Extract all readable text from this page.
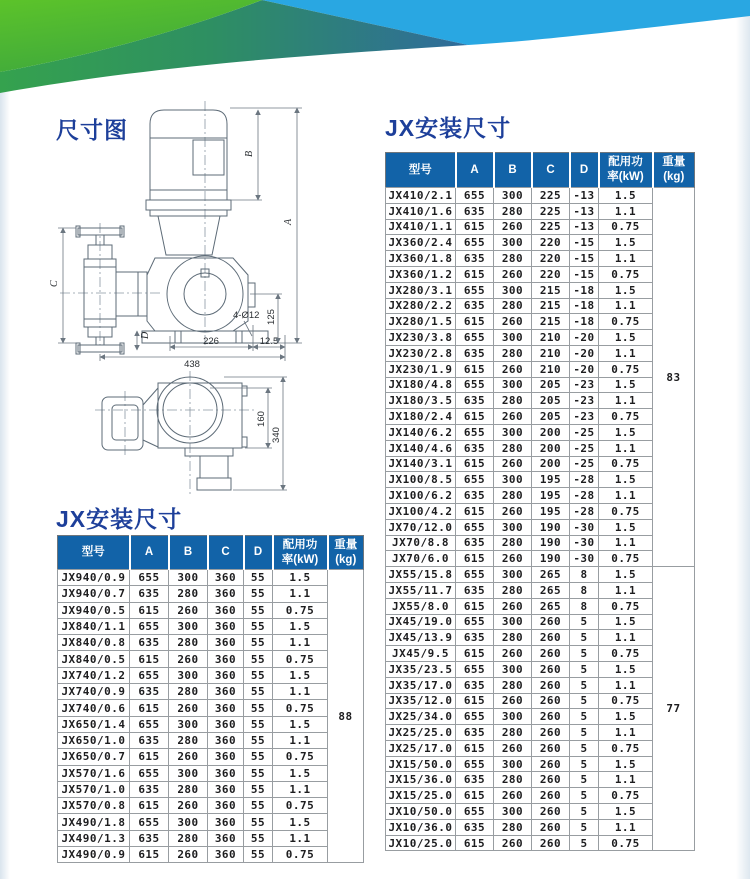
尺寸图	JX安装尺寸
JX安装尺寸
A
B
C
D
226	12.5
438
4-Ø12 125
160
340
型号	A	B	C	D	配用功
率(kW)	重量
(kg)
JX410/2.1	655	300	225	-13	1.5	83
JX410/1.6	635	280	225	-13	1.1	
JX410/1.1	615	260	225	-13	0.75	
JX360/2.4	655	300	220	-15	1.5	
JX360/1.8	635	280	220	-15	1.1	
JX360/1.2	615	260	220	-15	0.75	
JX280/3.1	655	300	215	-18	1.5	
JX280/2.2	635	280	215	-18	1.1	
JX280/1.5	615	260	215	-18	0.75	
JX230/3.8	655	300	210	-20	1.5	
JX230/2.8	635	280	210	-20	1.1	
JX230/1.9	615	260	210	-20	0.75	
JX180/4.8	655	300	205	-23	1.5	
JX180/3.5	635	280	205	-23	1.1	
JX180/2.4	615	260	205	-23	0.75	
JX140/6.2	655	300	200	-25	1.5	
JX140/4.6	635	280	200	-25	1.1	
JX140/3.1	615	260	200	-25	0.75	
JX100/8.5	655	300	195	-28	1.5	
JX100/6.2	635	280	195	-28	1.1	
JX100/4.2	615	260	195	-28	0.75	
JX70/12.0	655	300	190	-30	1.5	
JX70/8.8	635	280	190	-30	1.1	
JX70/6.0	615	260	190	-30	0.75	
JX55/15.8	655	300	265	8	1.5	77
JX55/11.7	635	280	265	8	1.1	
JX55/8.0	615	260	265	8	0.75	
JX45/19.0	655	300	260	5	1.5	
JX45/13.9	635	280	260	5	1.1	
JX45/9.5	615	260	260	5	0.75	
JX35/23.5	655	300	260	5	1.5	
JX35/17.0	635	280	260	5	1.1	
JX35/12.0	615	260	260	5	0.75	
JX25/34.0	655	300	260	5	1.5	
JX25/25.0	635	280	260	5	1.1	
JX25/17.0	615	260	260	5	0.75	
JX15/50.0	655	300	260	5	1.5	
JX15/36.0	635	280	260	5	1.1	
JX15/25.0	615	260	260	5	0.75	
JX10/50.0	655	300	260	5	1.5	
JX10/36.0	635	280	260	5	1.1	
JX10/25.0	615	260	260	5	0.75	
型号	A	B	C	D	配用功
率(kW)	重量
(kg)
JX940/0.9	655	300	360	55	1.5	88
JX940/0.7	635	280	360	55	1.1	
JX940/0.5	615	260	360	55	0.75	
JX840/1.1	655	300	360	55	1.5	
JX840/0.8	635	280	360	55	1.1	
JX840/0.5	615	260	360	55	0.75	
JX740/1.2	655	300	360	55	1.5	
JX740/0.9	635	280	360	55	1.1	
JX740/0.6	615	260	360	55	0.75	
JX650/1.4	655	300	360	55	1.5	
JX650/1.0	635	280	360	55	1.1	
JX650/0.7	615	260	360	55	0.75	
JX570/1.6	655	300	360	55	1.5	
JX570/1.0	635	280	360	55	1.1	
JX570/0.8	615	260	360	55	0.75	
JX490/1.8	655	300	360	55	1.5	
JX490/1.3	635	280	360	55	1.1	
JX490/0.9	615	260	360	55	0.75	
